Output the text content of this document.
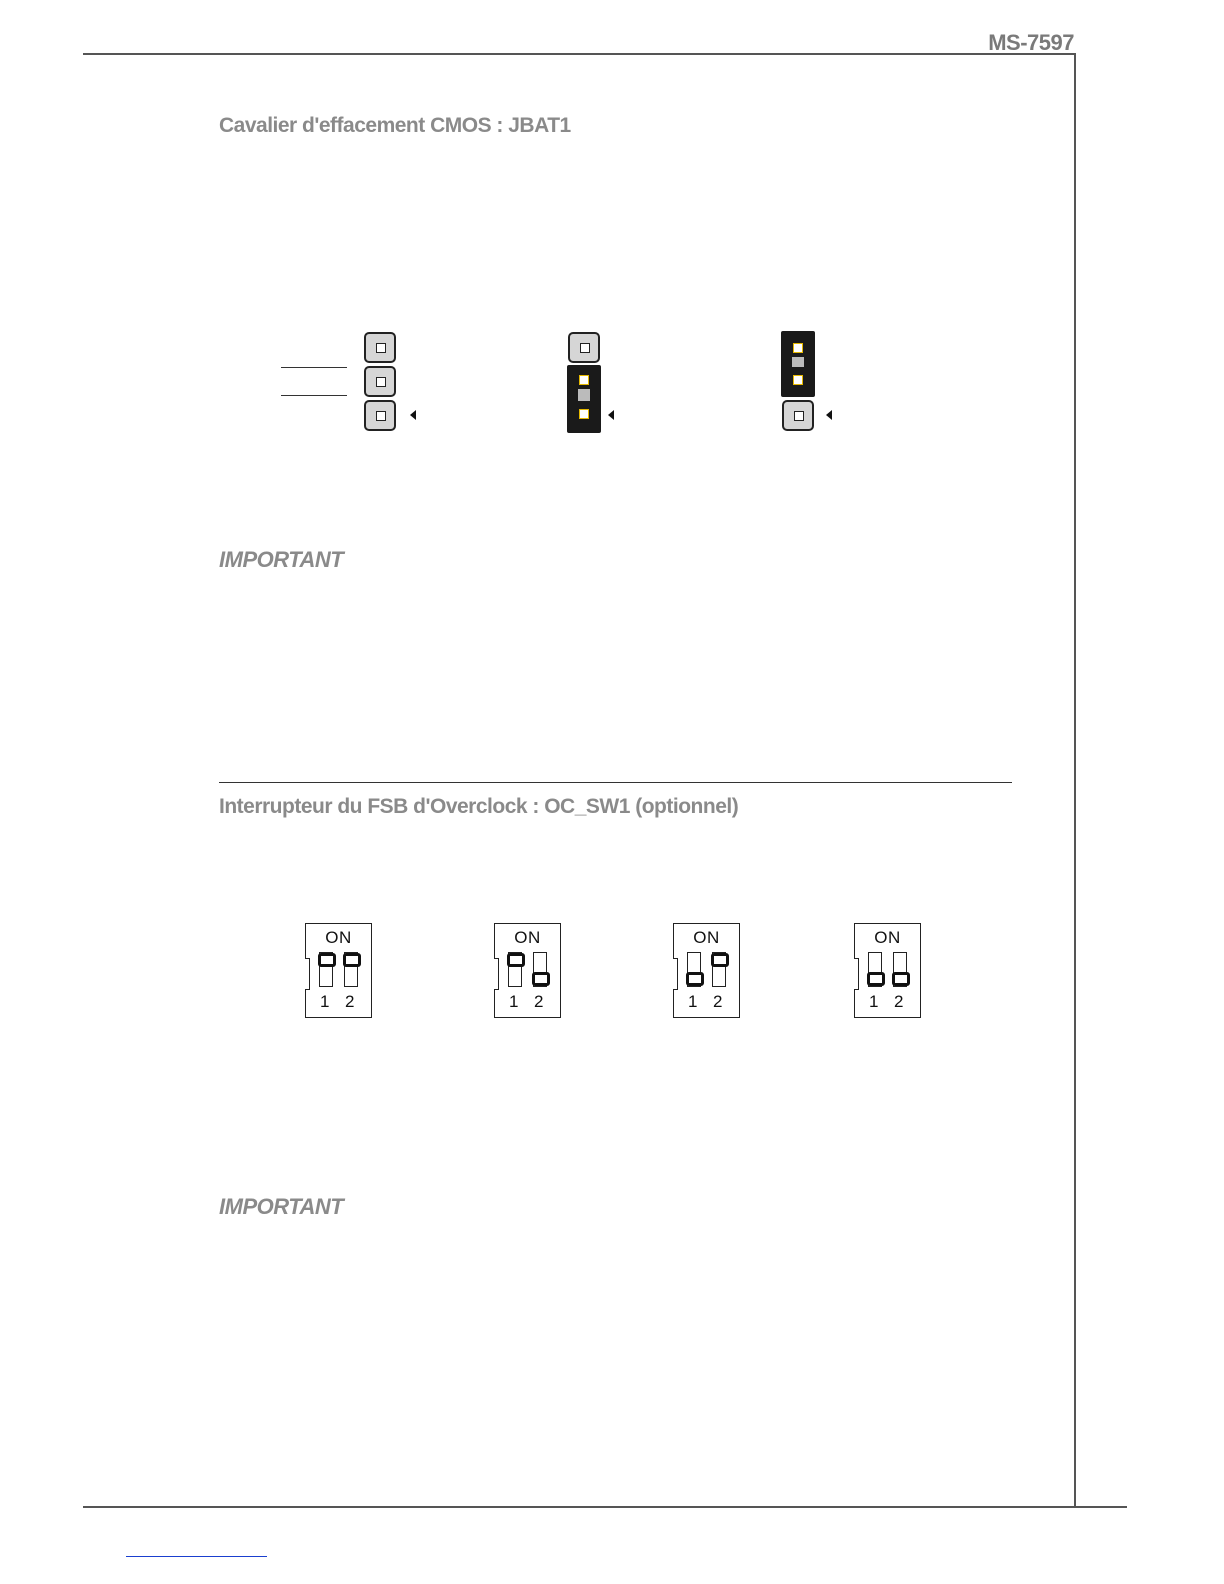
MS-7597
Cavalier d'effacement CMOS : JBAT1
IMPORTANT
Interrupteur du FSB d'Overclock : OC_SW1 (optionnel)
ON
1 2
ON
1 2
ON
1 2
ON
1 2
IMPORTANT
